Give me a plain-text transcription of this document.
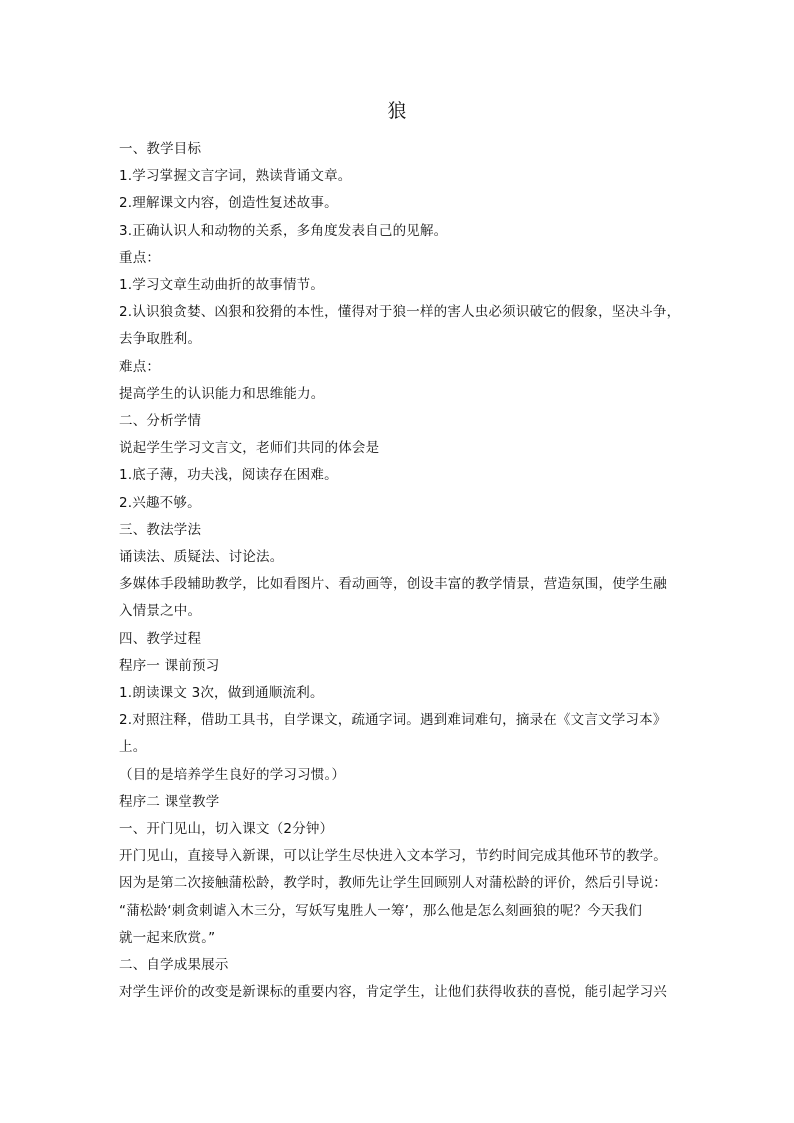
狼
一、教学目标
1.学习掌握文言字词，熟读背诵文章。
2.理解课文内容，创造性复述故事。
3.正确认识人和动物的关系，多角度发表自己的见解。
重点：
1.学习文章生动曲折的故事情节。
2.认识狼贪婪、凶狠和狡猾的本性，懂得对于狼一样的害人虫必须识破它的假象，坚决斗争，
去争取胜利。
难点：
提高学生的认识能力和思维能力。
二、分析学情
说起学生学习文言文，老师们共同的体会是
1.底子薄，功夫浅，阅读存在困难。
2.兴趣不够。
三、教法学法
诵读法、质疑法、讨论法。
多媒体手段辅助教学，比如看图片、看动画等，创设丰富的教学情景，营造氛围，使学生融
入情景之中。
四、教学过程
程序一 课前预习
1.朗读课文 3次，做到通顺流利。
2.对照注释，借助工具书，自学课文，疏通字词。遇到难词难句，摘录在《文言文学习本》
上。
（目的是培养学生良好的学习习惯。）
程序二 课堂教学
一、开门见山，切入课文（2分钟）
开门见山，直接导入新课，可以让学生尽快进入文本学习，节约时间完成其他环节的教学。
因为是第二次接触蒲松龄，教学时，教师先让学生回顾别人对蒲松龄的评价，然后引导说：
“蒲松龄‘刺贪刺谑入木三分，写妖写鬼胜人一筹’，那么他是怎么刻画狼的呢？今天我们
就一起来欣赏。”
二、自学成果展示
对学生评价的改变是新课标的重要内容，肯定学生，让他们获得收获的喜悦，能引起学习兴
